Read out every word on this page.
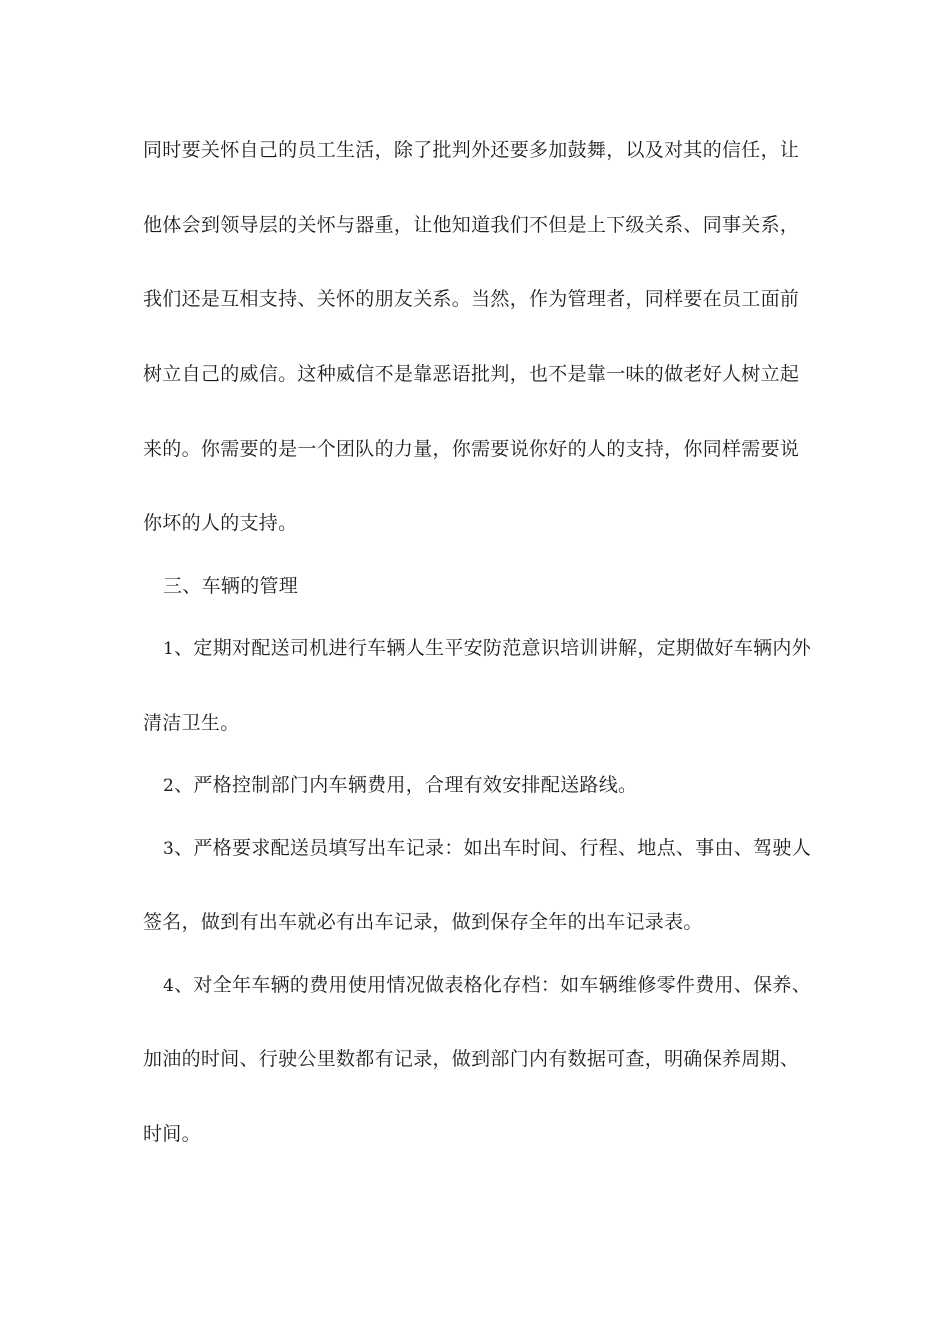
同时要关怀自己的员工生活，除了批判外还要多加鼓舞，以及对其的信任，让
他体会到领导层的关怀与器重，让他知道我们不但是上下级关系、同事关系，
我们还是互相支持、关怀的朋友关系。当然，作为管理者，同样要在员工面前
树立自己的威信。这种威信不是靠恶语批判，也不是靠一味的做老好人树立起
来的。你需要的是一个团队的力量，你需要说你好的人的支持，你同样需要说
你坏的人的支持。
三、车辆的管理
1、定期对配送司机进行车辆人生平安防范意识培训讲解，定期做好车辆内外
清洁卫生。
2、严格控制部门内车辆费用，合理有效安排配送路线。
3、严格要求配送员填写出车记录：如出车时间、行程、地点、事由、驾驶人
签名，做到有出车就必有出车记录，做到保存全年的出车记录表。
4、对全年车辆的费用使用情况做表格化存档：如车辆维修零件费用、保养、
加油的时间、行驶公里数都有记录，做到部门内有数据可查，明确保养周期、
时间。
